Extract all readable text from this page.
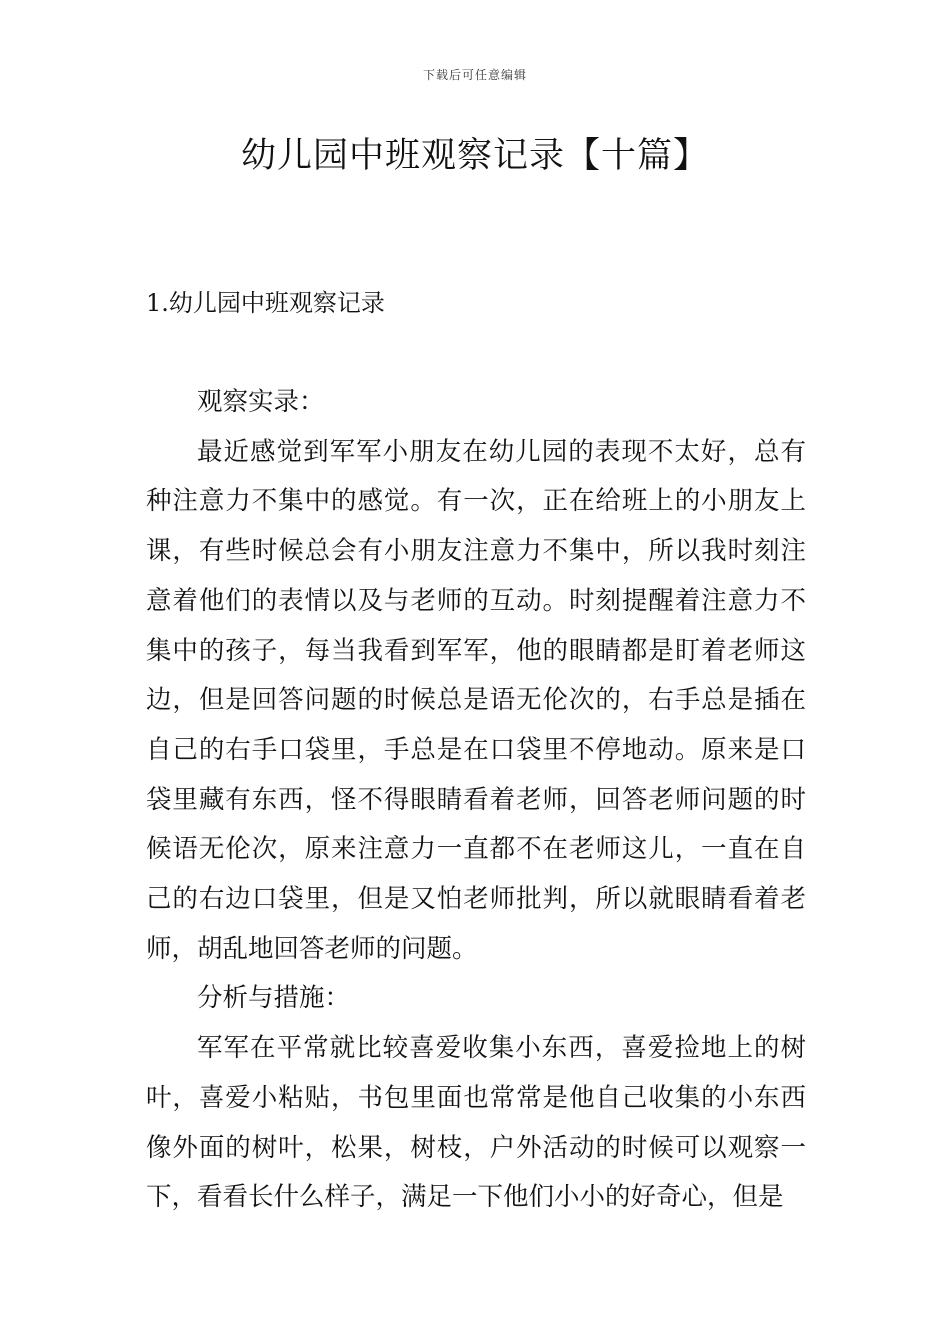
下载后可任意编辑
幼儿园中班观察记录【十篇】
1.幼儿园中班观察记录

观察实录：

最近感觉到军军小朋友在幼儿园的表现不太好，总有种注意力不集中的感觉。有一次，正在给班上的小朋友上课，有些时候总会有小朋友注意力不集中，所以我时刻注意着他们的表情以及与老师的互动。时刻提醒着注意力不集中的孩子，每当我看到军军，他的眼睛都是盯着老师这边，但是回答问题的时候总是语无伦次的，右手总是插在自己的右手口袋里，手总是在口袋里不停地动。原来是口袋里藏有东西，怪不得眼睛看着老师，回答老师问题的时候语无伦次，原来注意力一直都不在老师这儿，一直在自己的右边口袋里，但是又怕老师批判，所以就眼睛看着老师，胡乱地回答老师的问题。

分析与措施：

军军在平常就比较喜爱收集小东西，喜爱捡地上的树叶，喜爱小粘贴，书包里面也常常是他自己收集的小东西像外面的树叶，松果，树枝，户外活动的时候可以观察一下，看看长什么样子，满足一下他们小小的好奇心，但是
